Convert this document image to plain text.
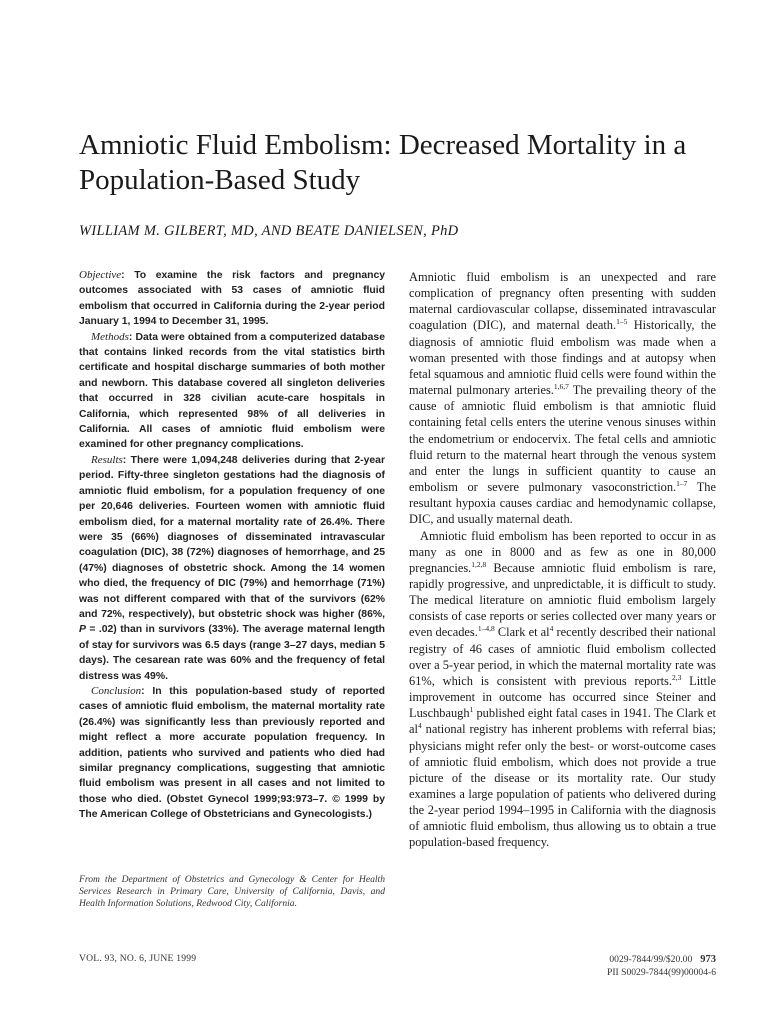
Amniotic Fluid Embolism: Decreased Mortality in a Population-Based Study
WILLIAM M. GILBERT, MD, AND BEATE DANIELSEN, PhD

Objective: To examine the risk factors and pregnancy outcomes associated with 53 cases of amniotic fluid embolism that occurred in California during the 2-year period January 1, 1994 to December 31, 1995.

Methods: Data were obtained from a computerized database that contains linked records from the vital statistics birth certificate and hospital discharge summaries of both mother and newborn. This database covered all singleton deliveries that occurred in 328 civilian acute-care hospitals in California, which represented 98% of all deliveries in California. All cases of amniotic fluid embolism were examined for other pregnancy complications.

Results: There were 1,094,248 deliveries during that 2-year period. Fifty-three singleton gestations had the diagnosis of amniotic fluid embolism, for a population frequency of one per 20,646 deliveries. Fourteen women with amniotic fluid embolism died, for a maternal mortality rate of 26.4%. There were 35 (66%) diagnoses of disseminated intravascular coagulation (DIC), 38 (72%) diagnoses of hemorrhage, and 25 (47%) diagnoses of obstetric shock. Among the 14 women who died, the frequency of DIC (79%) and hemorrhage (71%) was not different compared with that of the survivors (62% and 72%, respectively), but obstetric shock was higher (86%, P = .02) than in survivors (33%). The average maternal length of stay for survivors was 6.5 days (range 3–27 days, median 5 days). The cesarean rate was 60% and the frequency of fetal distress was 49%.

Conclusion: In this population-based study of reported cases of amniotic fluid embolism, the maternal mortality rate (26.4%) was significantly less than previously reported and might reflect a more accurate population frequency. In addition, patients who survived and patients who died had similar pregnancy complications, suggesting that amniotic fluid embolism was present in all cases and not limited to those who died. (Obstet Gynecol 1999;93:973–7. © 1999 by The American College of Obstetricians and Gynecologists.)

From the Department of Obstetrics and Gynecology & Center for Health Services Research in Primary Care, University of California, Davis, and Health Information Solutions, Redwood City, California.

Amniotic fluid embolism is an unexpected and rare complication of pregnancy often presenting with sudden maternal cardiovascular collapse, disseminated intravascular coagulation (DIC), and maternal death.$^{1-5}$ Historically, the diagnosis of amniotic fluid embolism was made when a woman presented with those findings and at autopsy when fetal squamous and amniotic fluid cells were found within the maternal pulmonary arteries.$^{1,6,7}$ The prevailing theory of the cause of amniotic fluid embolism is that amniotic fluid containing fetal cells enters the uterine venous sinuses within the endometrium or endocervix. The fetal cells and amniotic fluid return to the maternal heart through the venous system and enter the lungs in sufficient quantity to cause an embolism or severe pulmonary vasoconstriction.$^{1-7}$ The resultant hypoxia causes cardiac and hemodynamic collapse, DIC, and usually maternal death.

Amniotic fluid embolism has been reported to occur in as many as one in 8000 and as few as one in 80,000 pregnancies.$^{1,2,8}$ Because amniotic fluid embolism is rare, rapidly progressive, and unpredictable, it is difficult to study. The medical literature on amniotic fluid embolism largely consists of case reports or series collected over many years or even decades.$^{1-4,8}$ Clark et $al^4$ recently described their national registry of 46 cases of amniotic fluid embolism collected over a 5-year period, in which the maternal mortality rate was 61%, which is consistent with previous reports.$^{2,3}$ Little improvement in outcome has occurred since Steiner and Luschbaugh$^1$ published eight fatal cases in 1941. The Clark et $al^4$ national registry has inherent problems with referral bias; physicians might refer only the best- or worst-outcome cases of amniotic fluid embolism, which does not provide a true picture of the disease or its mortality rate. Our study examines a large population of patients who delivered during the 2-year period 1994–1995 in California with the diagnosis of amniotic fluid embolism, thus allowing us to obtain a true population-based frequency.

VOL. 93, NO. 6, JUNE 1999	0029-7844/99/$20.00 973
PII S0029-7844(99)00004-6
